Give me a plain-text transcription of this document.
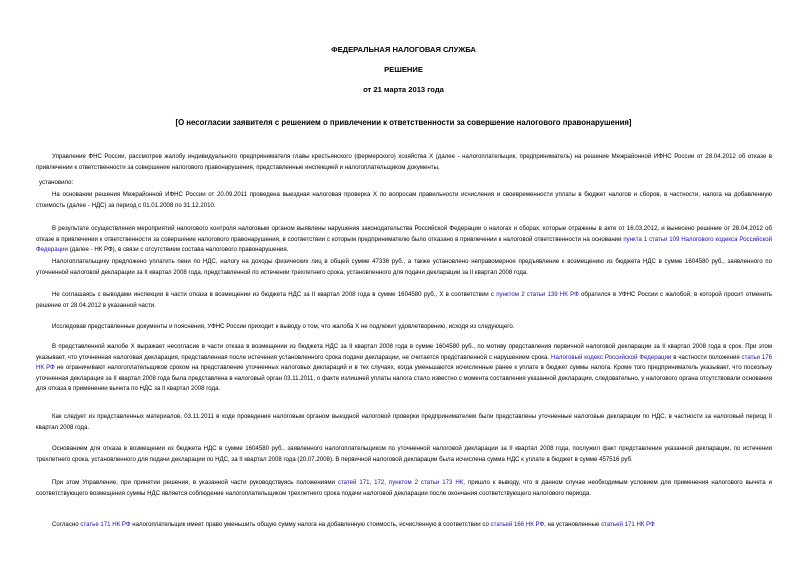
ФЕДЕРАЛЬНАЯ НАЛОГОВАЯ СЛУЖБА
РЕШЕНИЕ
от 21 марта 2013 года
[О несогласии заявителя с решением о привлечении к ответственности за совершение налогового правонарушения]

Управление ФНС России, рассмотрев жалобу индивидуального предпринимателя главы крестьянского (фермерского) хозяйства Х (далее - налогоплательщик, предприниматель) на решение Межрайонной ИФНС России от 28.04.2012 об отказе в привлечении к ответственности за совершение налогового правонарушения, представленные инспекцией и налогоплательщиком документы,

установило:

На основании решения Межрайонной ИФНС России от 20.09.2011 проведена выездная налоговая проверка Х по вопросам правильности исчисления и своевременности уплаты в бюджет налогов и сборов, в частности, налога на добавленную стоимость (далее - НДС) за период с 01.01.2008 по 31.12.2010.

В результате осуществления мероприятий налогового контроля налоговым органом выявлены нарушения законодательства Российской Федерации о налогах и сборах, которые отражены в акте от 16.03.2012, и вынесено решение от 28.04.2012 об отказе в привлечении к ответственности за совершение налогового правонарушения, в соответствии с которым предпринимателю было отказано в привлечении к налоговой ответственности на основании пункта 1 статьи 109 Налогового кодекса Российской Федерации (далее - НК РФ), в связи с отсутствием состава налогового правонарушения.

Налогоплательщику предложено уплатить пени по НДС, налогу на доходы физических лиц в общей сумме 47336 руб., а также установлено неправомерное предъявление к возмещению из бюджета НДС в сумме 1604580 руб., заявленного по уточненной налоговой декларации за II квартал 2008 года, представленной по истечении трехлетнего срока, установленного для подачи декларации за II квартал 2008 года.

Не соглашаясь с выводами инспекции в части отказа в возмещении из бюджета НДС за II квартал 2008 года в сумме 1604580 руб., Х в соответствии с пунктом 2 статьи 139 НК РФ обратился в УФНС России с жалобой, в которой просит отменить решение от 28.04.2012 в указанной части.

Исследовав представленные документы и пояснения, УФНС России приходит к выводу о том, что жалоба Х не подлежит удовлетворению, исходя из следующего.

В представленной жалобе Х выражает несогласие в части отказа в возмещении из бюджета НДС за II квартал 2008 года в сумме 1604580 руб., по мотиву представления первичной налоговой декларации за II квартал 2008 года в срок. При этом указывает, что уточненная налоговая декларация, представленная после истечения установленного срока подачи декларации, не считается представленной с нарушением срока. Налоговый кодекс Российской Федерации в частности положения статьи 176 НК РФ не ограничивают налогоплательщиков сроком на представление уточненных налоговых деклараций и в тех случаях, когда уменьшаются исчисленные ранее к уплате в бюджет суммы налога. Кроме того предприниматель указывает, что поскольку уточненная декларация за II квартал 2008 года была представлена в налоговый орган 03.11.2011, о факте излишней уплаты налога стало известно с момента составления указанной декларации, следовательно, у налогового органа отсутствовали основания для отказа в применении вычета по НДС за II квартал 2008 года.

Как следует из представленных материалов, 03.11.2011 в ходе проведения налоговым органом выездной налоговой проверки предпринимателем были представлены уточненные налоговые декларации по НДС, в частности за налоговый период II квартал 2008 года.

Основанием для отказа в возмещении из бюджета НДС в сумме 1604580 руб., заявленного налогоплательщиком по уточненной налоговой декларации за II квартал 2008 года, послужил факт представления указанной декларации, по истечении трехлетнего срока, установленного для подачи декларации по НДС, за II квартал 2008 года (20.07.2008). В первичной налоговой декларации была исчислена сумма НДС к уплате в бюджет в сумме 457516 руб.

При этом Управление, при принятии решения, в указанной части руководствуясь положениями статей 171, 172, пунктом 2 статьи 173 НК, пришло к выводу, что в данном случае необходимым условием для применения налогового вычета и соответствующего возмещения суммы НДС является соблюдение налогоплательщиком трехлетнего срока подачи налоговой декларации после окончания соответствующего налогового периода.

Согласно статье 171 НК РФ налогоплательщик имеет право уменьшить общую сумму налога на добавленную стоимость, исчисленную в соответствии со статьей 166 НК РФ, на установленные статьей 171 НК РФ
